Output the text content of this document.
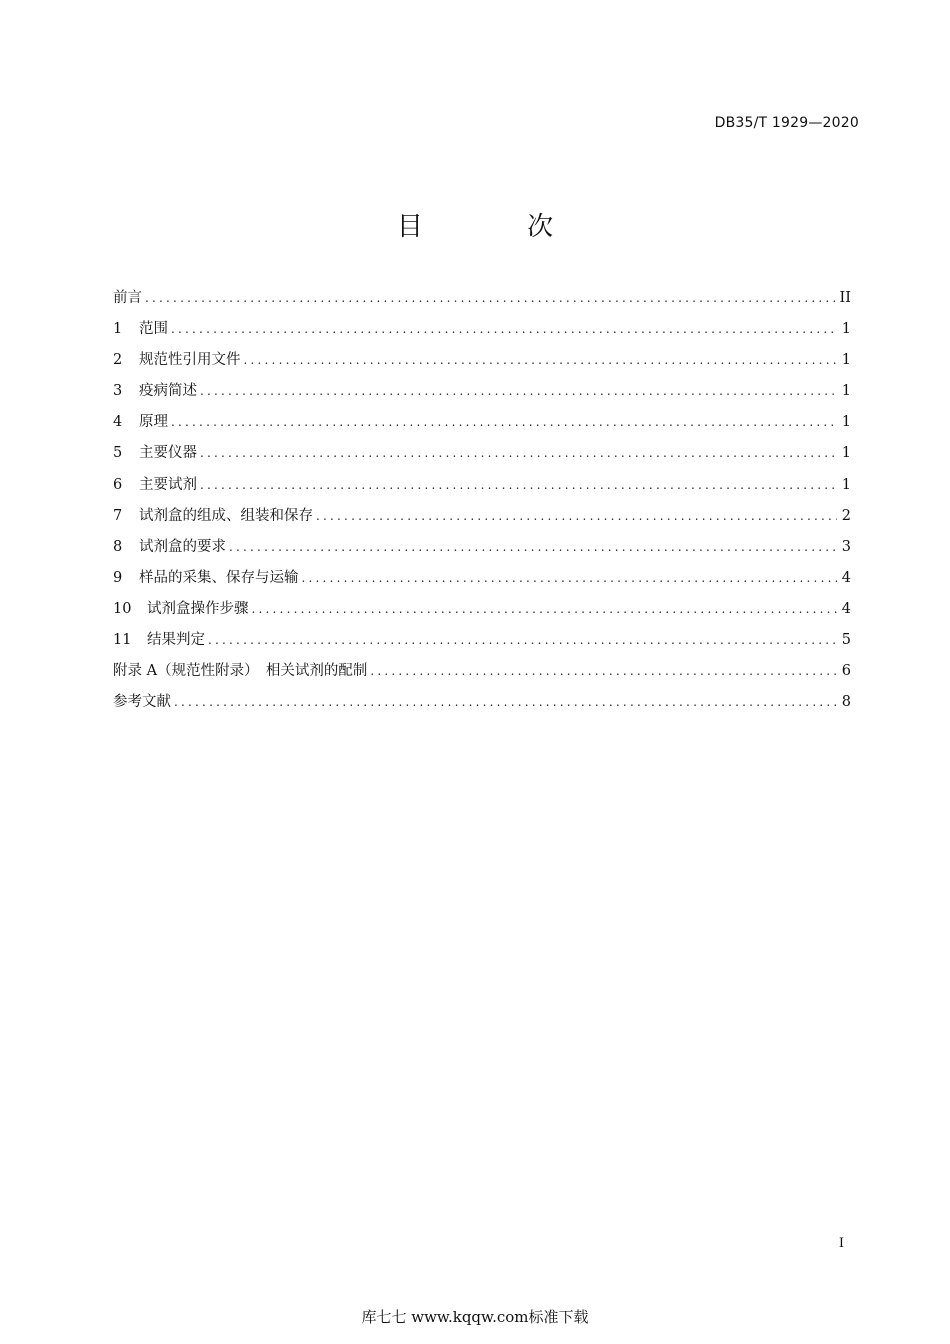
DB35/T 1929—2020
目 次
前言 .....	II
1	范围 .....	1
2	规范性引用文件 .....	1
3	疫病简述 .....	1
4	原理 .....	1
5	主要仪器 .....	1
6	主要试剂 .....	1
7	试剂盒的组成、组装和保存 .....	2
8	试剂盒的要求 .....	3
9	样品的采集、保存与运输 .....	4
10	试剂盒操作步骤 .....	4
11	结果判定 .....	5
附录 A（规范性附录）　相关试剂的配制 .....	6
参考文献 .....	8
I
库七七 www.kqqw.com标准下载
